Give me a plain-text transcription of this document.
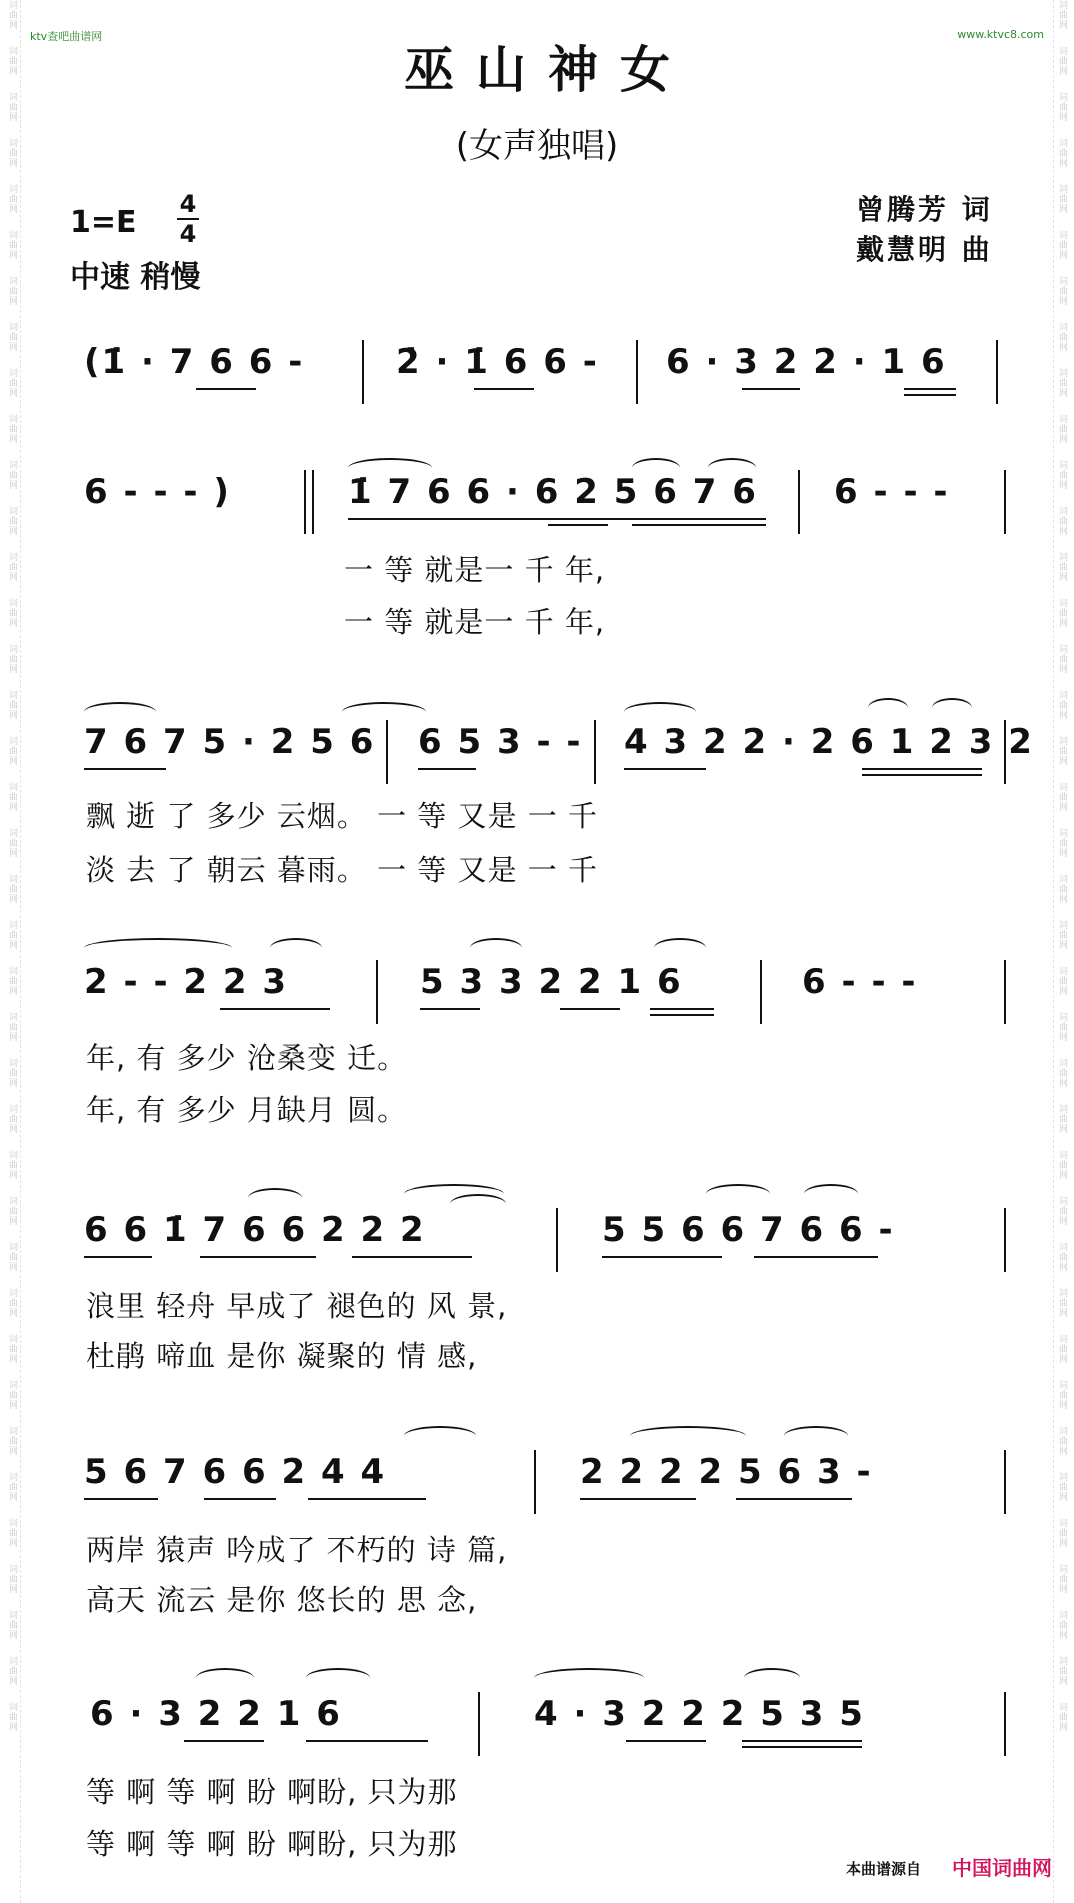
词曲网
词曲网
词曲网
词曲网
词曲网
词曲网
词曲网
词曲网
词曲网
词曲网
词曲网
词曲网
词曲网
词曲网
词曲网
词曲网
词曲网
词曲网
词曲网
词曲网
词曲网
词曲网
词曲网
词曲网
词曲网
词曲网
词曲网
词曲网
词曲网
词曲网
词曲网
词曲网
词曲网
词曲网
词曲网
词曲网
词曲网
词曲网
词曲网
词曲网
词曲网
词曲网
词曲网
词曲网
词曲网
词曲网
词曲网
词曲网
词曲网
词曲网
词曲网
词曲网
词曲网
词曲网
词曲网
词曲网
词曲网
词曲网
词曲网
词曲网
词曲网
词曲网
词曲网
词曲网
词曲网
词曲网
词曲网
词曲网
词曲网
词曲网
词曲网
词曲网
词曲网
词曲网
词曲网
词曲网
ktv查吧曲谱网	www.ktvc8.com
巫山神女
(女声独唱)
1=E
4
4
中速 稍慢
曾腾芳 词
戴慧明 曲
(1̇ · 7 6 6 -	2̇ · 1̇ 6 6 - 6 · 3 2 2 · 1 6
6 - - - )	1̇ 7 6 6 · 6 2 5 6 7 6 6 - - -
一 等 就是一 千 年,
一 等 就是一 千 年,
7 6 7 5 · 2 5 6 6 5 3 - - 4 3 2 2 · 2 6 1 2 3 2
飘 逝 了 多少 云烟。 一 等 又是 一 千
淡 去 了 朝云 暮雨。 一 等 又是 一 千
2 - - 2 2 3	5 3 3 2 2 1 6	6 - - -
年, 有 多少 沧桑变 迁。
年, 有 多少 月缺月 圆。
6 6 1̇ 7 6 6 2 2 2	5 5 6 6 7 6 6 -
浪里 轻舟 早成了 褪色的 风 景,
杜鹃 啼血 是你 凝聚的 情 感,
5 6 7 6 6 2 4 4	2 2 2 2 5 6 3 -
两岸 猿声 吟成了 不朽的 诗 篇,
高天 流云 是你 悠长的 思 念,
6 · 3 2 2 1 6	4 · 3 2 2 2 5 3 5
等 啊 等 啊 盼 啊盼, 只为那
等 啊 等 啊 盼 啊盼, 只为那
本曲谱源自 中国词曲网
